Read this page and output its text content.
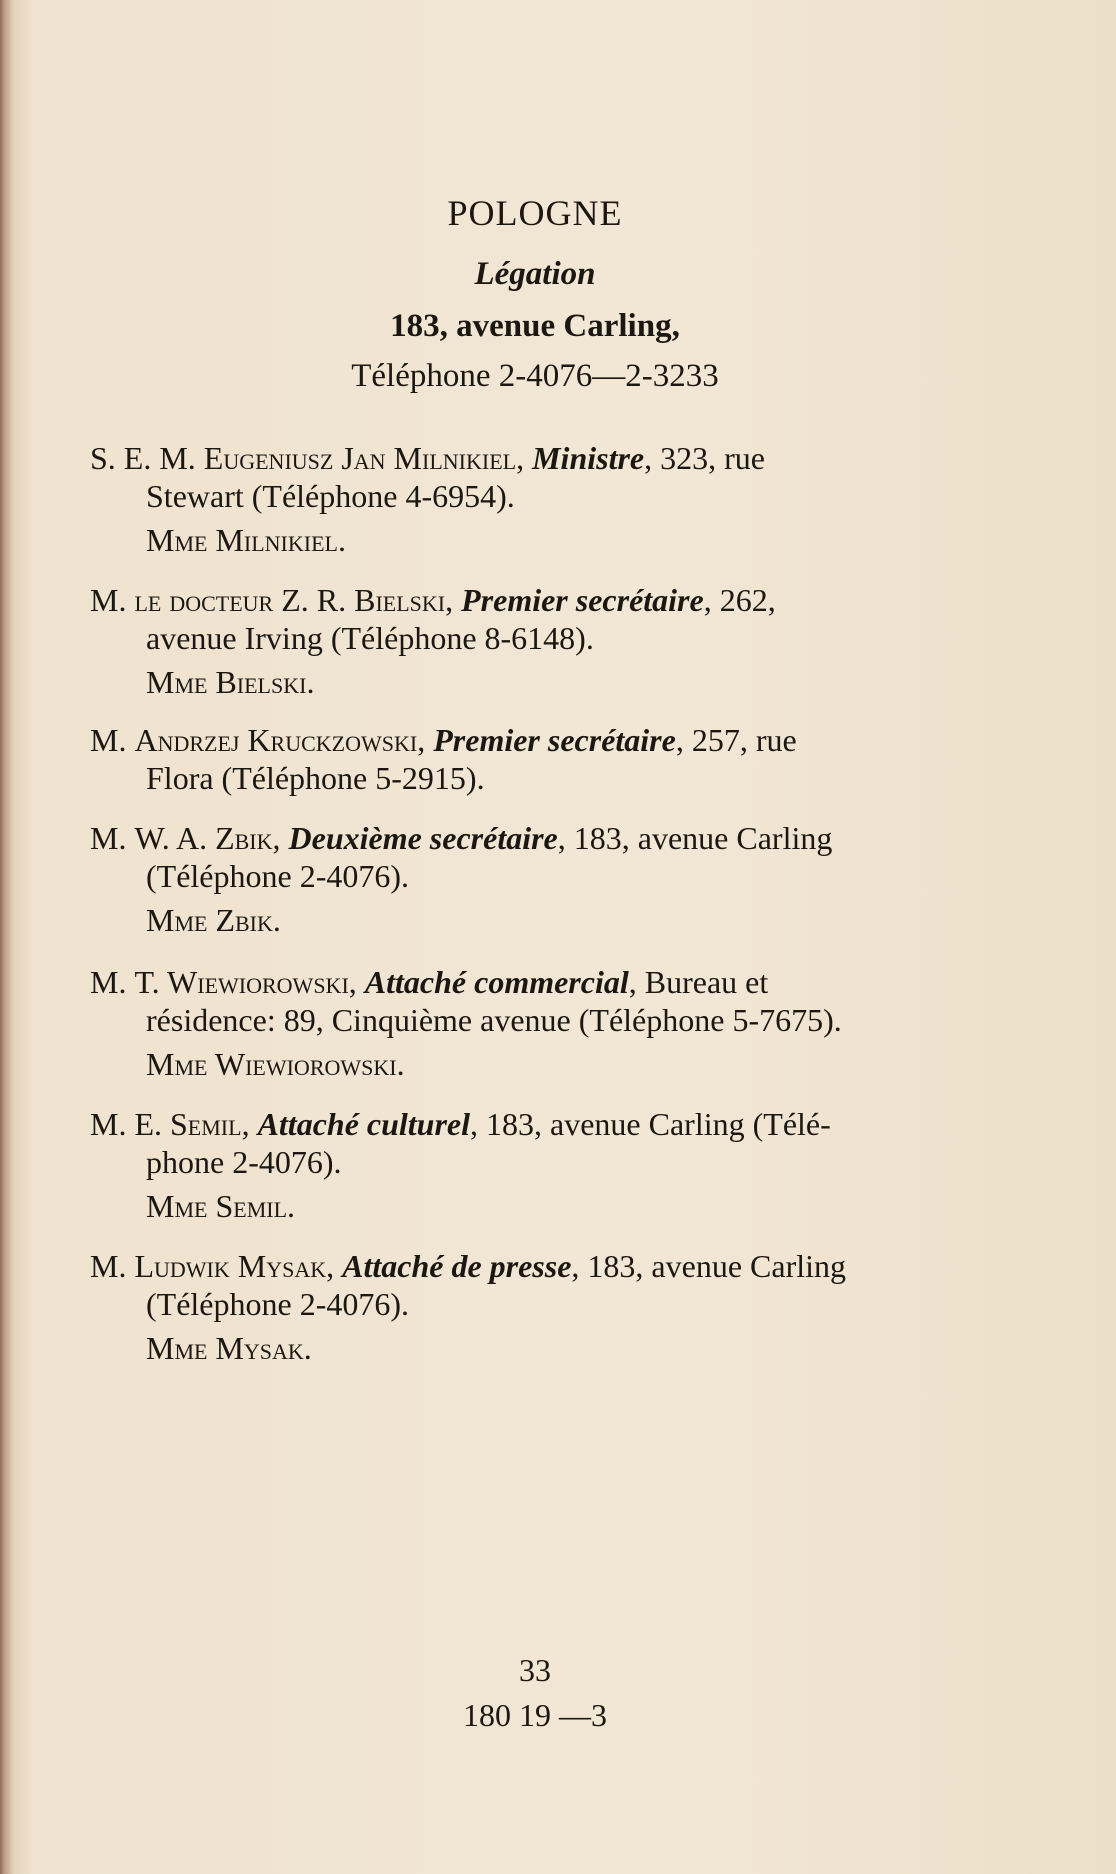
POLOGNE
Légation
183, avenue Carling,
Téléphone 2-4076—2-3233
S. E. M. Eugeniusz Jan Milnikiel, Ministre, 323, rue
Stewart (Téléphone 4-6954).
Mme Milnikiel.
M. le docteur Z. R. Bielski, Premier secrétaire, 262,
avenue Irving (Téléphone 8-6148).
Mme Bielski.
M. Andrzej Kruckzowski, Premier secrétaire, 257, rue
Flora (Téléphone 5-2915).
M. W. A. Zbik, Deuxième secrétaire, 183, avenue Carling
(Téléphone 2-4076).
Mme Zbik.
M. T. Wiewiorowski, Attaché commercial, Bureau et
résidence: 89, Cinquième avenue (Téléphone 5-7675).
Mme Wiewiorowski.
M. E. Semil, Attaché culturel, 183, avenue Carling (Télé-
phone 2-4076).
Mme Semil.
M. Ludwik Mysak, Attaché de presse, 183, avenue Carling
(Téléphone 2-4076).
Mme Mysak.
33
180 19 —3
